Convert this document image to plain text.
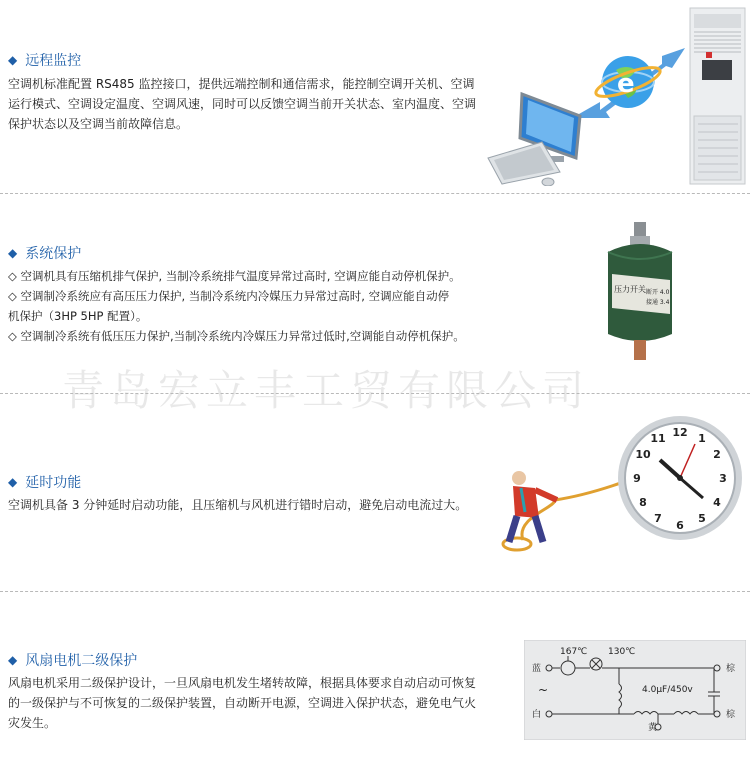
◆ 远程监控
空调机标准配置 RS485 监控接口，提供远端控制和通信需求，能控制空调开关机、空调
运行模式、空调设定温度、空调风速，同时可以反馈空调当前开关状态、室内温度、空调
保护状态以及空调当前故障信息。
e
◆ 系统保护
◇ 空调机具有压缩机排气保护, 当制冷系统排气温度异常过高时, 空调应能自动停机保护。
◇ 空调制冷系统应有高压压力保护, 当制冷系统内冷媒压力异常过高时, 空调应能自动停
机保护（3HP 5HP 配置）。
◇ 空调制冷系统有低压压力保护,当制冷系统内冷媒压力异常过低时,空调能自动停机保护。
压力开关 断开 4.0
接通 3.4
青岛宏立丰工贸有限公司
◆ 延时功能
空调机具备 3 分钟延时启动功能，且压缩机与风机进行错时启动，避免启动电流过大。
12 1
2
3
4
5
6
7
8
9
10
11
◆ 风扇电机二级保护
风扇电机采用二级保护设计，一旦风扇电机发生堵转故障，根据具体要求自动启动可恢复
的一级保护与不可恢复的二级保护装置，自动断开电源，空调进入保护状态，避免电气火
灾发生。
167℃ 130℃
蓝
白
棕
棕
4.0μF/450v
黄
~
